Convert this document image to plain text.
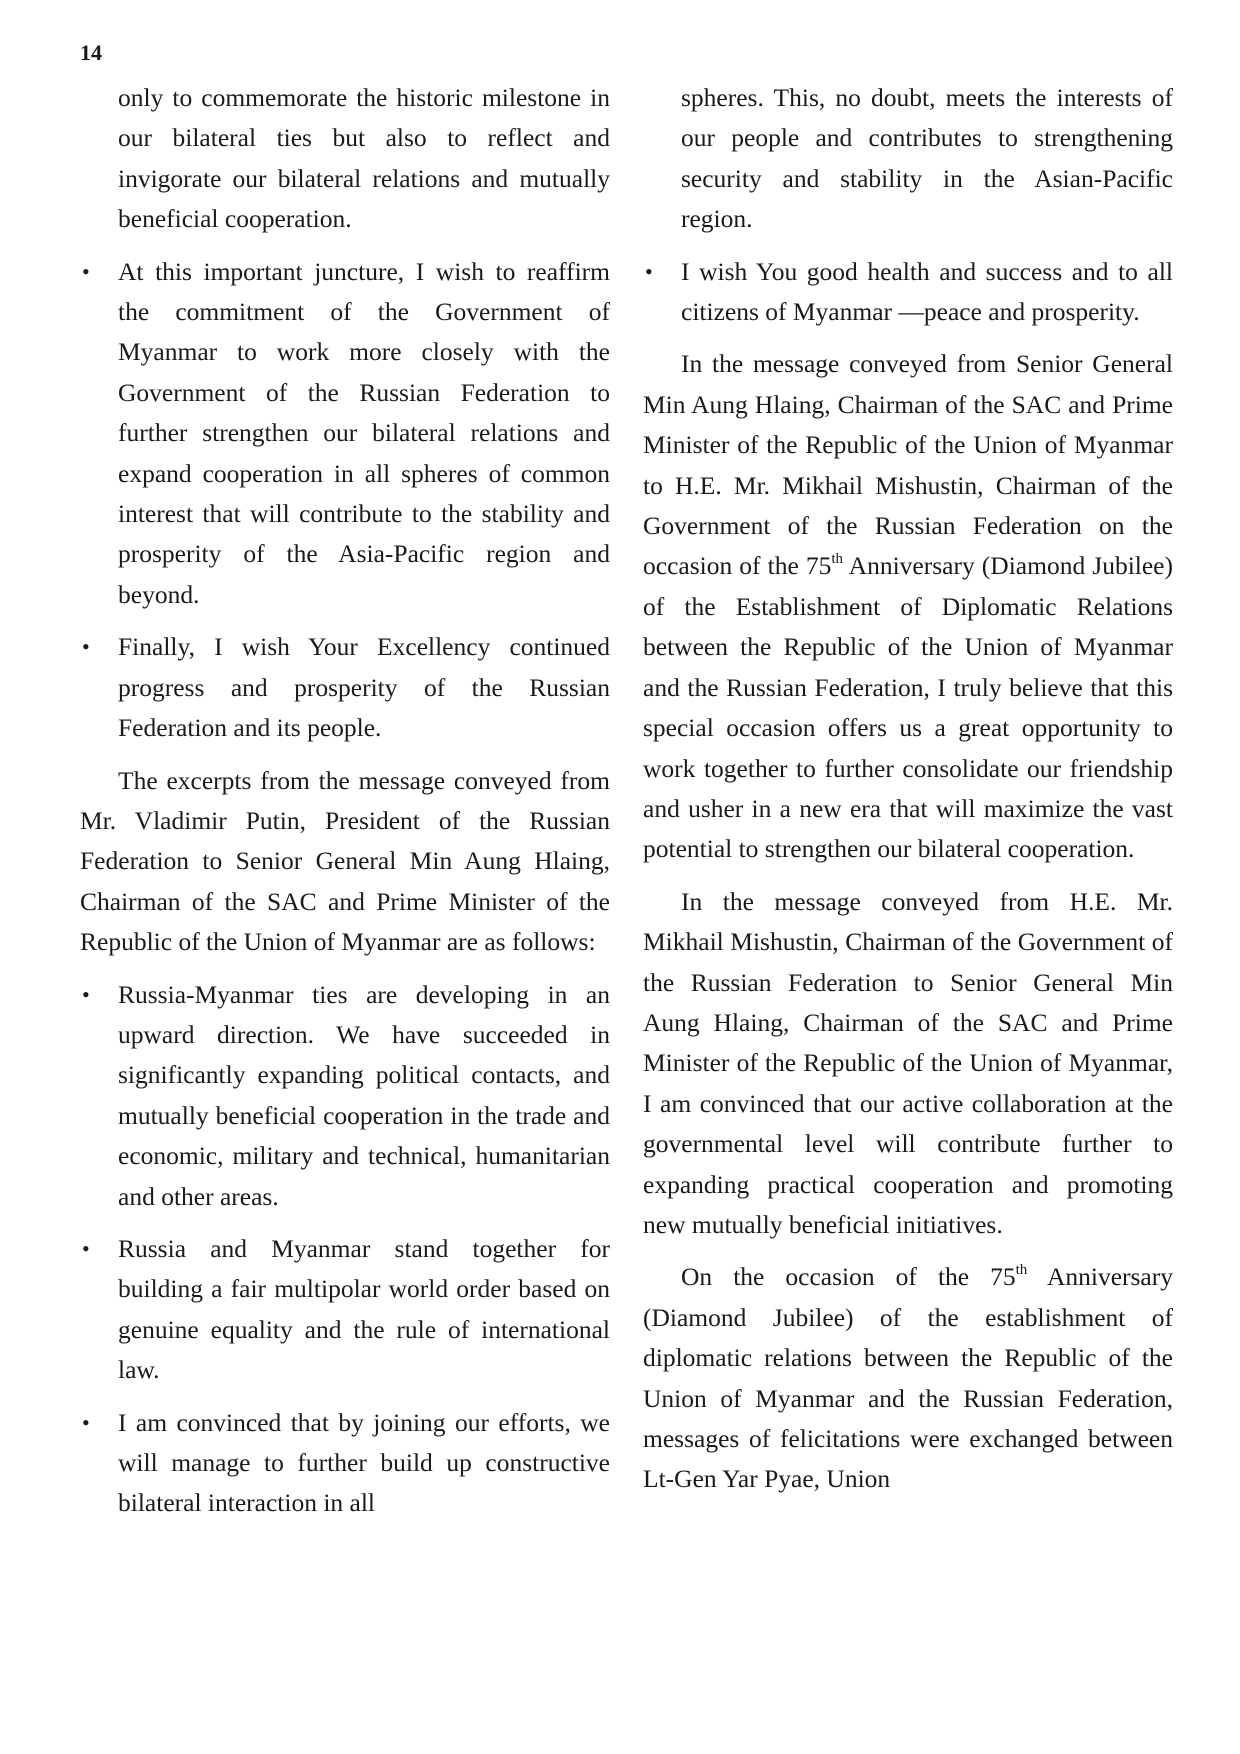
14

only to commemorate the historic milestone in our bilateral ties but also to reflect and invigorate our bilateral relations and mutually beneficial cooperation.

• At this important juncture, I wish to reaffirm the commitment of the Government of Myanmar to work more closely with the Government of the Russian Federation to further strengthen our bilateral relations and expand cooperation in all spheres of common interest that will contribute to the stability and prosperity of the Asia-Pacific region and beyond.
• Finally, I wish Your Excellency continued progress and prosperity of the Russian Federation and its people.

The excerpts from the message conveyed from Mr. Vladimir Putin, President of the Russian Federation to Senior General Min Aung Hlaing, Chairman of the SAC and Prime Minister of the Republic of the Union of Myanmar are as follows:

• Russia-Myanmar ties are developing in an upward direction. We have succeeded in significantly expanding political contacts, and mutually beneficial cooperation in the trade and economic, military and technical, humanitarian and other areas.
• Russia and Myanmar stand together for building a fair multipolar world order based on genuine equality and the rule of international law.
• I am convinced that by joining our efforts, we will manage to further build up constructive bilateral interaction in all

spheres. This, no doubt, meets the interests of our people and contributes to strengthening security and stability in the Asian-Pacific region.

• I wish You good health and success and to all citizens of Myanmar —peace and prosperity.

In the message conveyed from Senior General Min Aung Hlaing, Chairman of the SAC and Prime Minister of the Republic of the Union of Myanmar to H.E. Mr. Mikhail Mishustin, Chairman of the Government of the Russian Federation on the occasion of the 75th Anniversary (Diamond Jubilee) of the Establishment of Diplomatic Relations between the Republic of the Union of Myanmar and the Russian Federation, I truly believe that this special occasion offers us a great opportunity to work together to further consolidate our friendship and usher in a new era that will maximize the vast potential to strengthen our bilateral cooperation.

In the message conveyed from H.E. Mr. Mikhail Mishustin, Chairman of the Government of the Russian Federation to Senior General Min Aung Hlaing, Chairman of the SAC and Prime Minister of the Republic of the Union of Myanmar, I am convinced that our active collaboration at the governmental level will contribute further to expanding practical cooperation and promoting new mutually beneficial initiatives.

On the occasion of the 75th Anniversary (Diamond Jubilee) of the establishment of diplomatic relations between the Republic of the Union of Myanmar and the Russian Federation, messages of felicitations were exchanged between Lt-Gen Yar Pyae, Union
